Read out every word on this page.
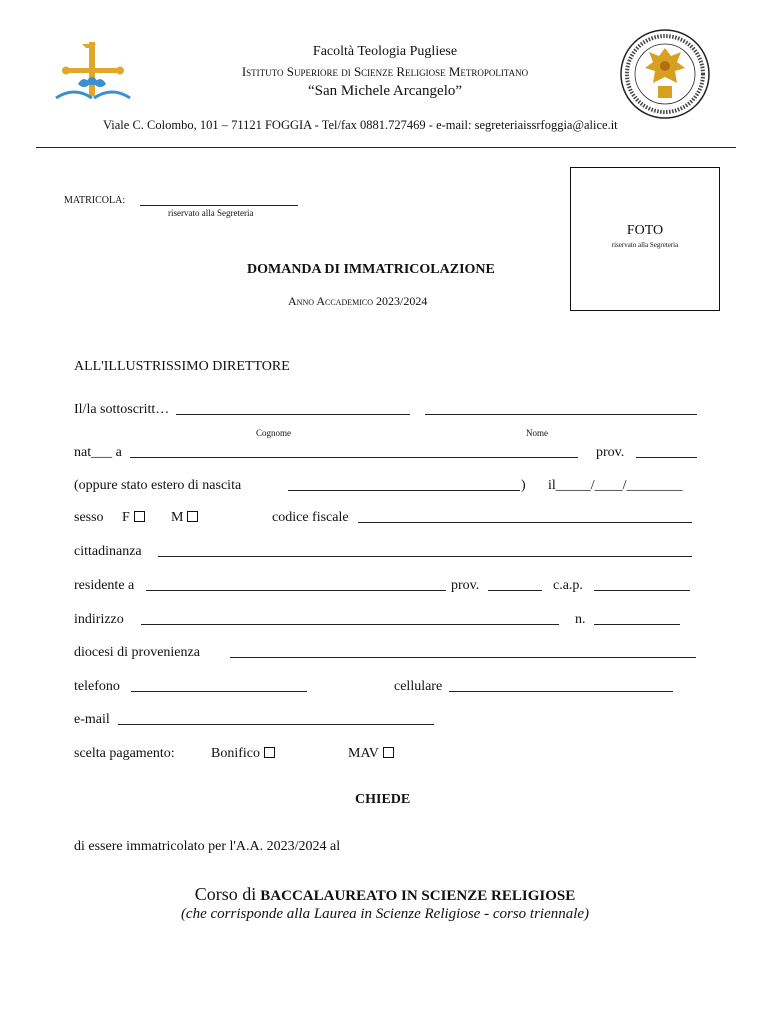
Facoltà Teologia Pugliese
Istituto Superiore di Scienze Religiose Metropolitano
“San Michele Arcangelo”
Viale C. Colombo, 101 – 71121 FOGGIA - Tel/fax 0881.727469 - e-mail: segreteriaissrfoggia@alice.it
MATRICOLA:
riservato alla Segreteria
FOTO
riservato alla Segreteria
DOMANDA DI IMMATRICOLAZIONE
Anno Accademico 2023/2024
ALL'ILLUSTRISSIMO DIRETTORE
Il/la sottoscritt…
Cognome	Nome
nat___ a	prov.
(oppure stato estero di nascita	) il_____/____/________
sesso F	M	codice fiscale
cittadinanza
residente a	prov.	c.a.p.
indirizzo	n.
diocesi di provenienza
telefono	cellulare
e-mail
scelta pagamento:	Bonifico	MAV
CHIEDE
di essere immatricolato per l'A.A. 2023/2024 al
Corso di BACCALAUREATO IN SCIENZE RELIGIOSE
(che corrisponde alla Laurea in Scienze Religiose - corso triennale)
